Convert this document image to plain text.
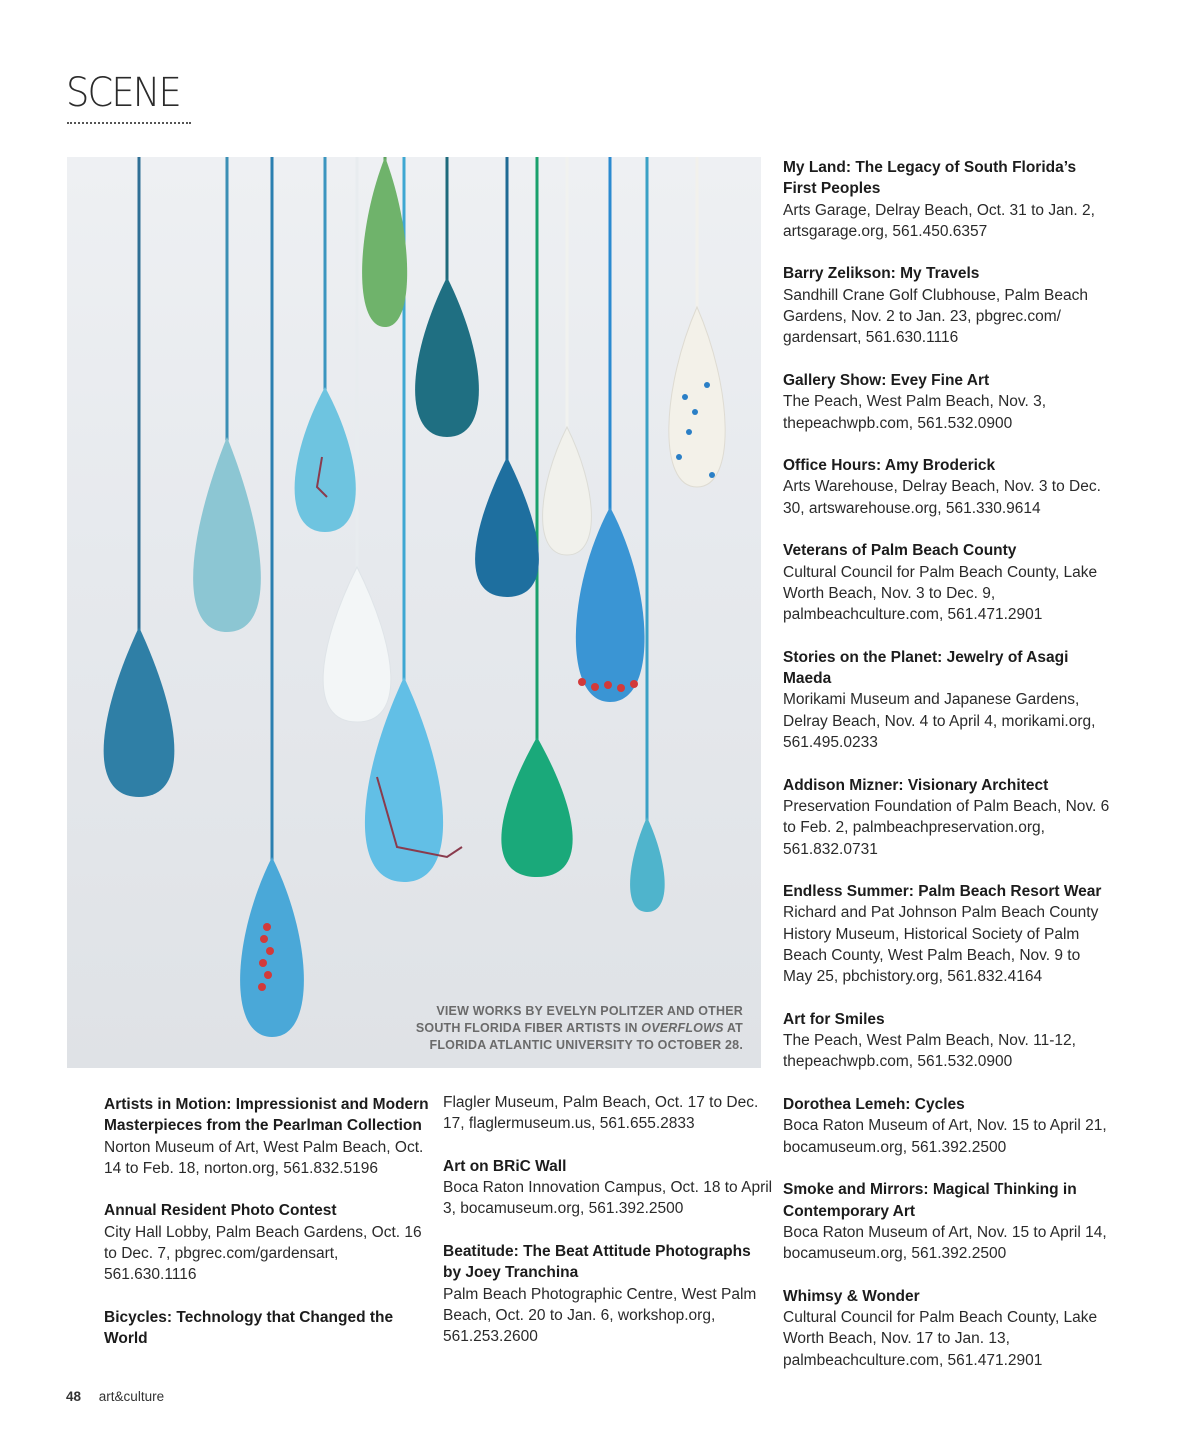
SCENE
VIEW WORKS BY EVELYN POLITZER AND OTHER
SOUTH FLORIDA FIBER ARTISTS IN OVERFLOWS AT
FLORIDA ATLANTIC UNIVERSITY TO OCTOBER 28.
My Land: The Legacy of South Florida’s First Peoples

Arts Garage, Delray Beach, Oct. 31 to Jan. 2, artsgarage.org, 561.450.6357

Barry Zelikson: My Travels

Sandhill Crane Golf Clubhouse, Palm Beach Gardens, Nov. 2 to Jan. 23, pbgrec.com/ gardensart, 561.630.1116

Gallery Show: Evey Fine Art

The Peach, West Palm Beach, Nov. 3, thepeachwpb.com, 561.532.0900

Office Hours: Amy Broderick

Arts Warehouse, Delray Beach, Nov. 3 to Dec. 30, artswarehouse.org, 561.330.9614

Veterans of Palm Beach County

Cultural Council for Palm Beach County, Lake Worth Beach, Nov. 3 to Dec. 9, palmbeachculture.com, 561.471.2901

Stories on the Planet: Jewelry of Asagi Maeda

Morikami Museum and Japanese Gardens, Delray Beach, Nov. 4 to April 4, morikami.org, 561.495.0233

Addison Mizner: Visionary Architect

Preservation Foundation of Palm Beach, Nov. 6 to Feb. 2, palmbeachpreservation.org, 561.832.0731

Endless Summer: Palm Beach Resort Wear

Richard and Pat Johnson Palm Beach County History Museum, Historical Society of Palm Beach County, West Palm Beach, Nov. 9 to May 25, pbchistory.org, 561.832.4164

Art for Smiles

The Peach, West Palm Beach, Nov. 11-12, thepeachwpb.com, 561.532.0900

Dorothea Lemeh: Cycles

Boca Raton Museum of Art, Nov. 15 to April 21, bocamuseum.org, 561.392.2500

Smoke and Mirrors: Magical Thinking in Contemporary Art

Boca Raton Museum of Art, Nov. 15 to April 14, bocamuseum.org, 561.392.2500

Whimsy & Wonder

Cultural Council for Palm Beach County, Lake Worth Beach, Nov. 17 to Jan. 13, palmbeachculture.com, 561.471.2901

Artists in Motion: Impressionist and Modern Masterpieces from the Pearlman Collection

Norton Museum of Art, West Palm Beach, Oct. 14 to Feb. 18, norton.org, 561.832.5196

Annual Resident Photo Contest

City Hall Lobby, Palm Beach Gardens, Oct. 16 to Dec. 7, pbgrec.com/gardensart, 561.630.1116

Bicycles: Technology that Changed the World

Flagler Museum, Palm Beach, Oct. 17 to Dec. 17, flaglermuseum.us, 561.655.2833

Art on BRiC Wall

Boca Raton Innovation Campus, Oct. 18 to April 3, bocamuseum.org, 561.392.2500

Beatitude: The Beat Attitude Photographs by Joey Tranchina

Palm Beach Photographic Centre, West Palm Beach, Oct. 20 to Jan. 6, workshop.org, 561.253.2600

48 art&culture
